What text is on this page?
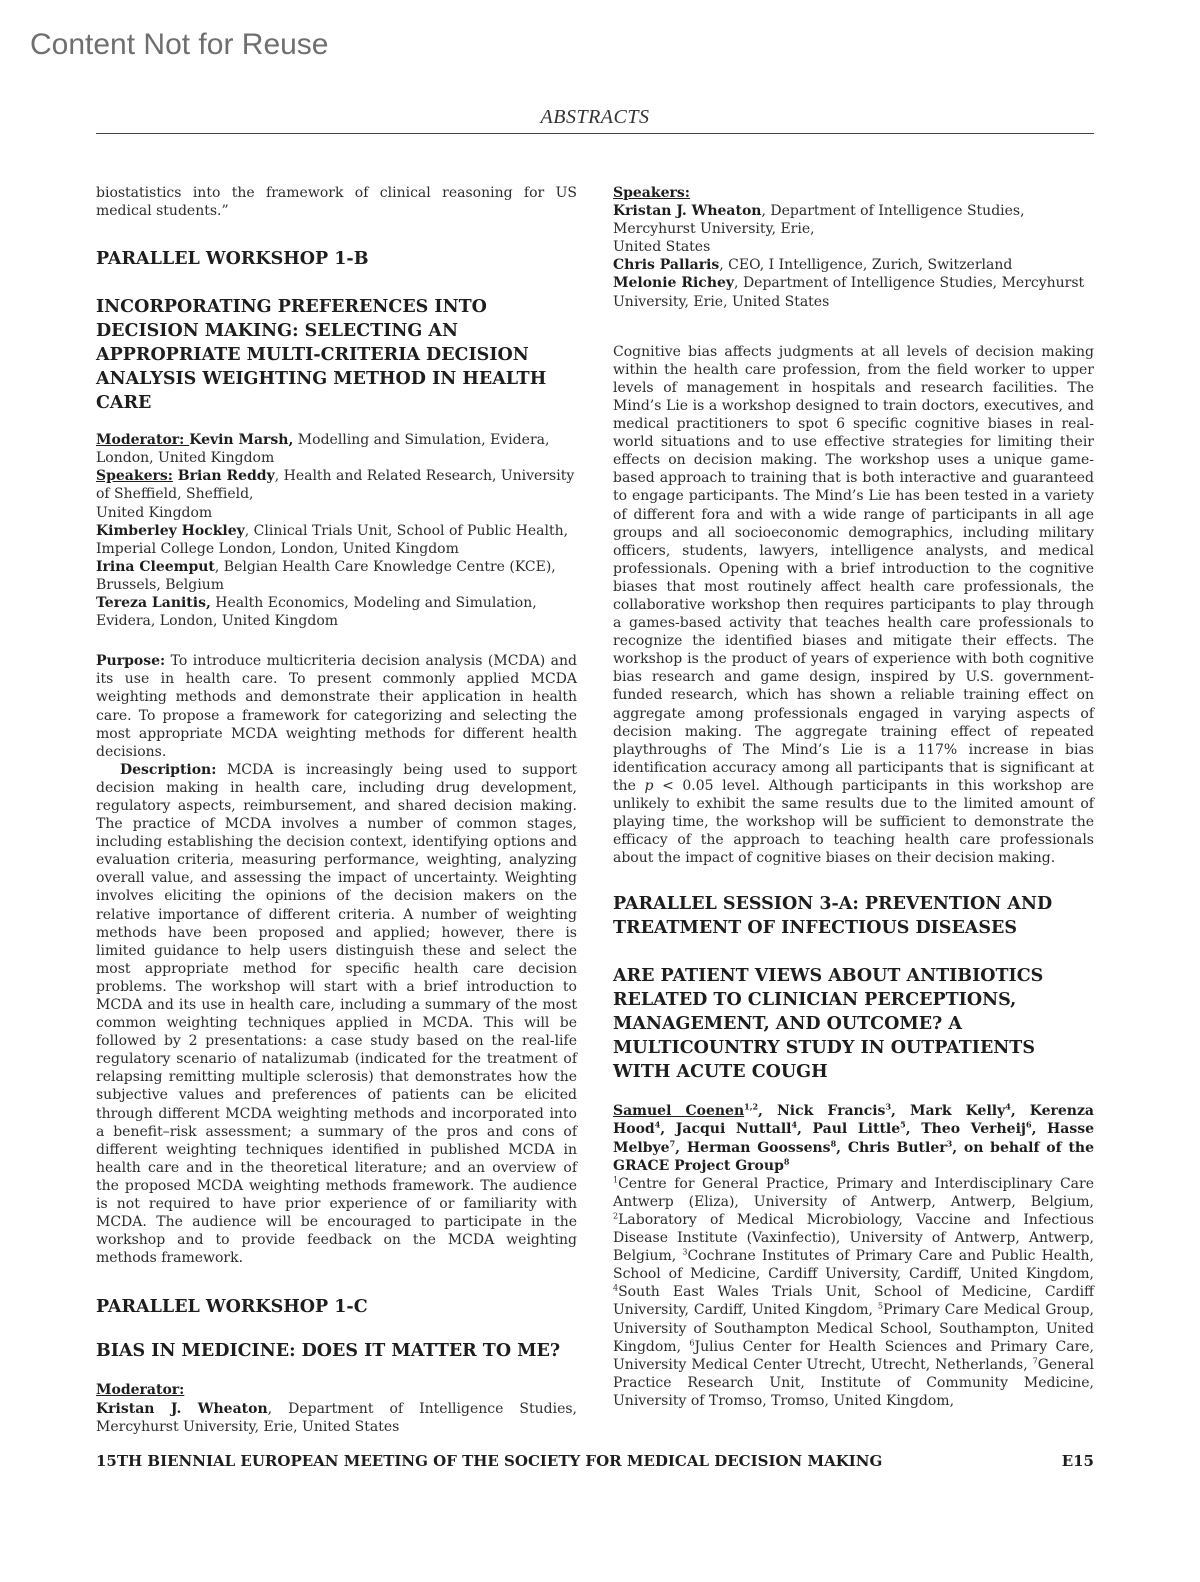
Content Not for Reuse
ABSTRACTS

biostatistics into the framework of clinical reasoning for US medical students.”

PARALLEL WORKSHOP 1-B
INCORPORATING PREFERENCES INTO DECISION MAKING: SELECTING AN APPROPRIATE MULTI-CRITERIA DECISION ANALYSIS WEIGHTING METHOD IN HEALTH CARE

Moderator: Kevin Marsh, Modelling and Simulation, Evidera, London, United Kingdom
Speakers: Brian Reddy, Health and Related Research, University of Sheffield, Sheffield,
United Kingdom
Kimberley Hockley, Clinical Trials Unit, School of Public Health, Imperial College London, London, United Kingdom
Irina Cleemput, Belgian Health Care Knowledge Centre (KCE), Brussels, Belgium
Tereza Lanitis, Health Economics, Modeling and Simulation, Evidera, London, United Kingdom

Purpose: To introduce multicriteria decision analysis (MCDA) and its use in health care. To present commonly applied MCDA weighting methods and demonstrate their application in health care. To propose a framework for categorizing and selecting the most appropriate MCDA weighting methods for different health decisions.

Description: MCDA is increasingly being used to support decision making in health care, including drug development, regulatory aspects, reimbursement, and shared decision making. The practice of MCDA involves a number of common stages, including establishing the decision context, identifying options and evaluation criteria, measuring performance, weighting, analyzing overall value, and assessing the impact of uncertainty. Weighting involves eliciting the opinions of the decision makers on the relative importance of different criteria. A number of weighting methods have been proposed and applied; however, there is limited guidance to help users distinguish these and select the most appropriate method for specific health care decision problems. The workshop will start with a brief introduction to MCDA and its use in health care, including a summary of the most common weighting techniques applied in MCDA. This will be followed by 2 presentations: a case study based on the real-life regulatory scenario of natalizumab (indicated for the treatment of relapsing remitting multiple sclerosis) that demonstrates how the subjective values and preferences of patients can be elicited through different MCDA weighting methods and incorporated into a benefit–risk assessment; a summary of the pros and cons of different weighting techniques identified in published MCDA in health care and in the theoretical literature; and an overview of the proposed MCDA weighting methods framework. The audience is not required to have prior experience of or familiarity with MCDA. The audience will be encouraged to participate in the workshop and to provide feedback on the MCDA weighting methods framework.

PARALLEL WORKSHOP 1-C
BIAS IN MEDICINE: DOES IT MATTER TO ME?

Moderator:
Kristan J. Wheaton, Department of Intelligence Studies, Mercyhurst University, Erie, United States

Speakers:
Kristan J. Wheaton, Department of Intelligence Studies, Mercyhurst University, Erie,
United States
Chris Pallaris, CEO, I Intelligence, Zurich, Switzerland
Melonie Richey, Department of Intelligence Studies, Mercyhurst University, Erie, United States

Cognitive bias affects judgments at all levels of decision making within the health care profession, from the field worker to upper levels of management in hospitals and research facilities. The Mind’s Lie is a workshop designed to train doctors, executives, and medical practitioners to spot 6 specific cognitive biases in real-world situations and to use effective strategies for limiting their effects on decision making. The workshop uses a unique game-based approach to training that is both interactive and guaranteed to engage participants. The Mind’s Lie has been tested in a variety of different fora and with a wide range of participants in all age groups and all socioeconomic demographics, including military officers, students, lawyers, intelligence analysts, and medical professionals. Opening with a brief introduction to the cognitive biases that most routinely affect health care professionals, the collaborative workshop then requires participants to play through a games-based activity that teaches health care professionals to recognize the identified biases and mitigate their effects. The workshop is the product of years of experience with both cognitive bias research and game design, inspired by U.S. government-funded research, which has shown a reliable training effect on aggregate among professionals engaged in varying aspects of decision making. The aggregate training effect of repeated playthroughs of The Mind’s Lie is a 117% increase in bias identification accuracy among all participants that is significant at the p < 0.05 level. Although participants in this workshop are unlikely to exhibit the same results due to the limited amount of playing time, the workshop will be sufficient to demonstrate the efficacy of the approach to teaching health care professionals about the impact of cognitive biases on their decision making.

PARALLEL SESSION 3-A: PREVENTION AND TREATMENT OF INFECTIOUS DISEASES
ARE PATIENT VIEWS ABOUT ANTIBIOTICS RELATED TO CLINICIAN PERCEPTIONS, MANAGEMENT, AND OUTCOME? A MULTICOUNTRY STUDY IN OUTPATIENTS WITH ACUTE COUGH

Samuel Coenen$^{1,2}$, Nick Francis$^3$, Mark Kelly$^4$, Kerenza Hood$^4$, Jacqui Nuttall$^4$, Paul Little$^5$, Theo Verheij$^6$, Hasse Melbye$^7$, Herman Goossens$^8$, Chris Butler$^3$, on behalf of the GRACE Project Group$^8$

$^1$Centre for General Practice, Primary and Interdisciplinary Care Antwerp (Eliza), University of Antwerp, Antwerp, Belgium, $^2$Laboratory of Medical Microbiology, Vaccine and Infectious Disease Institute (Vaxinfectio), University of Antwerp, Antwerp, Belgium, $^3$Cochrane Institutes of Primary Care and Public Health, School of Medicine, Cardiff University, Cardiff, United Kingdom, $^4$South East Wales Trials Unit, School of Medicine, Cardiff University, Cardiff, United Kingdom, $^5$Primary Care Medical Group, University of Southampton Medical School, Southampton, United Kingdom, $^6$Julius Center for Health Sciences and Primary Care, University Medical Center Utrecht, Utrecht, Netherlands, $^7$General Practice Research Unit, Institute of Community Medicine, University of Tromso, Tromso, United Kingdom,

15TH BIENNIAL EUROPEAN MEETING OF THE SOCIETY FOR MEDICAL DECISION MAKING	E15
